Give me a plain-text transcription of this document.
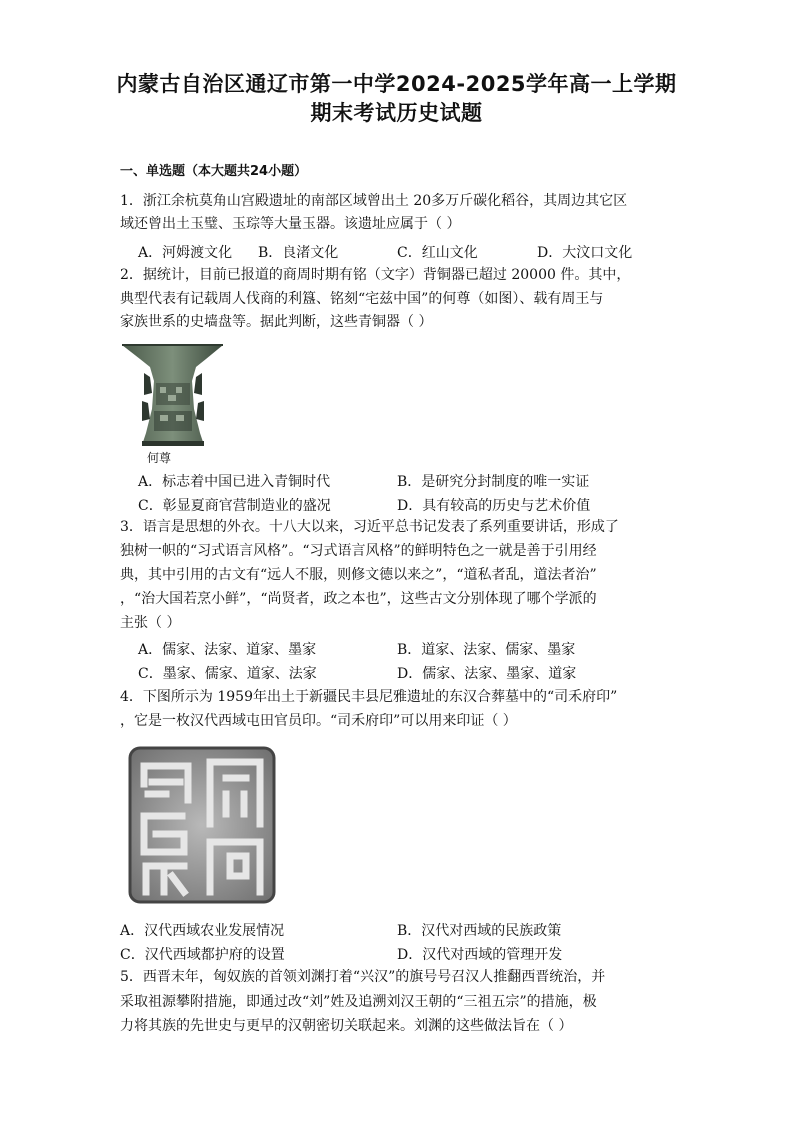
内蒙古自治区通辽市第一中学2024-2025学年高一上学期
期末考试历史试题
一、单选题（本大题共24小题）
1．浙江余杭莫角山宫殿遗址的南部区域曾出土 20多万斤碳化稻谷，其周边其它区
域还曾出土玉璧、玉琮等大量玉器。该遗址应属于（ ）
A．河姆渡文化 B．良渚文化	C．红山文化	D．大汶口文化
2．据统计，目前已报道的商周时期有铭（文字）背铜器已超过 20000 件。其中，
典型代表有记载周人伐商的利簋、铭刻“宅兹中国”的何尊（如图）、载有周王与
家族世系的史墙盘等。据此判断，这些青铜器（ ）
何尊
A．标志着中国已进入青铜时代	B．是研究分封制度的唯一实证
C．彰显夏商官营制造业的盛况	D．具有较高的历史与艺术价值
3．语言是思想的外衣。十八大以来，习近平总书记发表了系列重要讲话，形成了
独树一帜的“习式语言风格”。“习式语言风格”的鲜明特色之一就是善于引用经
典，其中引用的古文有“远人不服，则修文德以来之”，“道私者乱，道法者治”
，“治大国若烹小鲜”，“尚贤者，政之本也”，这些古文分别体现了哪个学派的
主张（ ）
A．儒家、法家、道家、墨家	B．道家、法家、儒家、墨家
C．墨家、儒家、道家、法家	D．儒家、法家、墨家、道家
4．下图所示为 1959年出土于新疆民丰县尼雅遗址的东汉合葬墓中的“司禾府印”
，它是一枚汉代西域屯田官员印。“司禾府印”可以用来印证（ ）
A．汉代西域农业发展情况	B．汉代对西域的民族政策
C．汉代西域都护府的设置	D．汉代对西域的管理开发
5．西晋末年，匈奴族的首领刘渊打着“兴汉”的旗号号召汉人推翻西晋统治，并
采取祖源攀附措施，即通过改“刘”姓及追溯刘汉王朝的“三祖五宗”的措施，极
力将其族的先世史与更早的汉朝密切关联起来。刘渊的这些做法旨在（ ）
